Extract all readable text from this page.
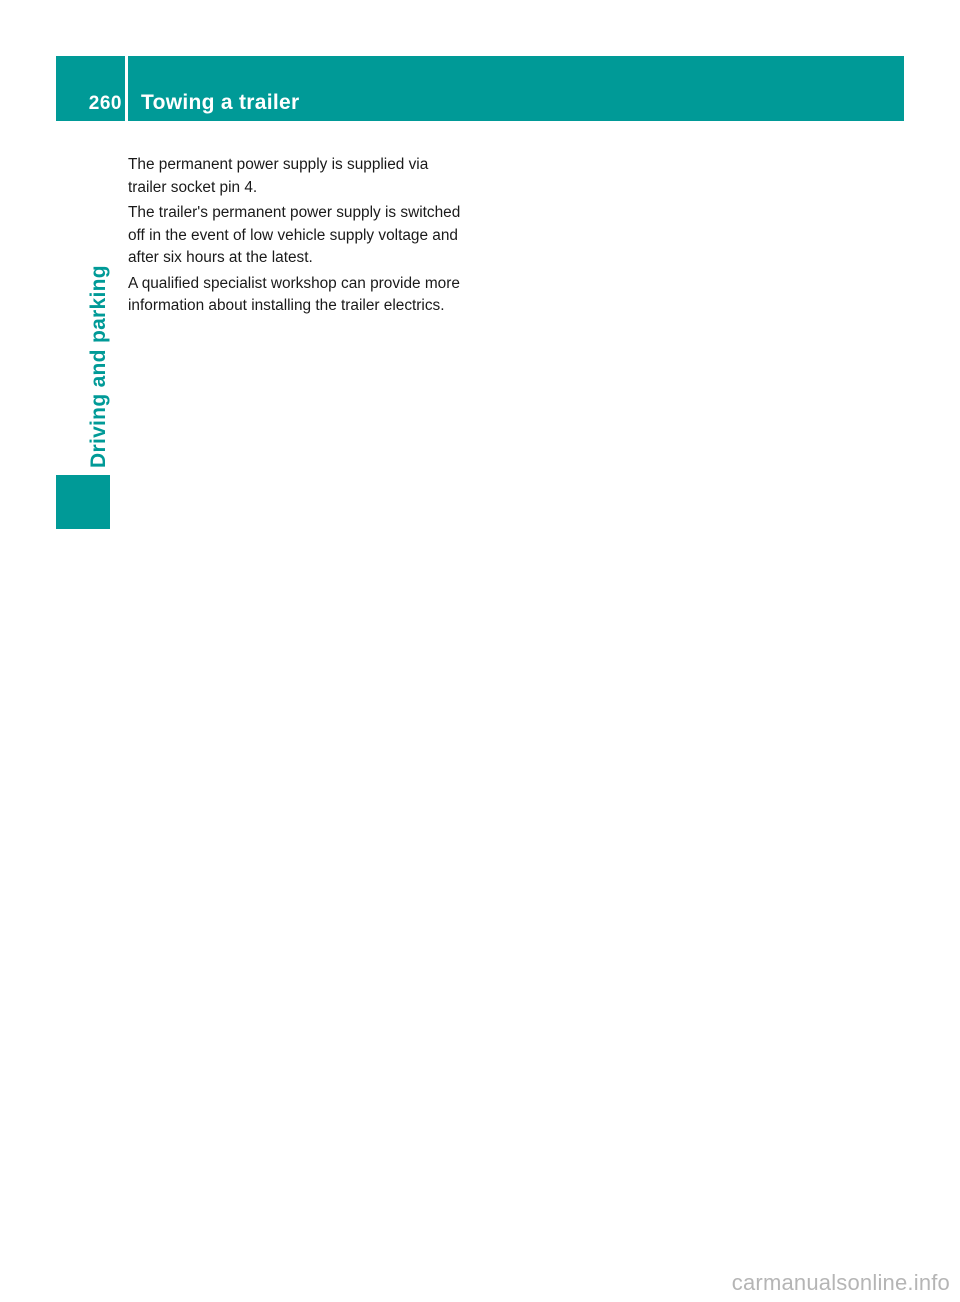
260 Towing a trailer
Driving and parking

The permanent power supply is supplied via trailer socket pin 4.

The trailer's permanent power supply is switched off in the event of low vehicle supply voltage and after six hours at the latest.

A qualified specialist workshop can provide more information about installing the trailer electrics.

carmanualsonline.info
